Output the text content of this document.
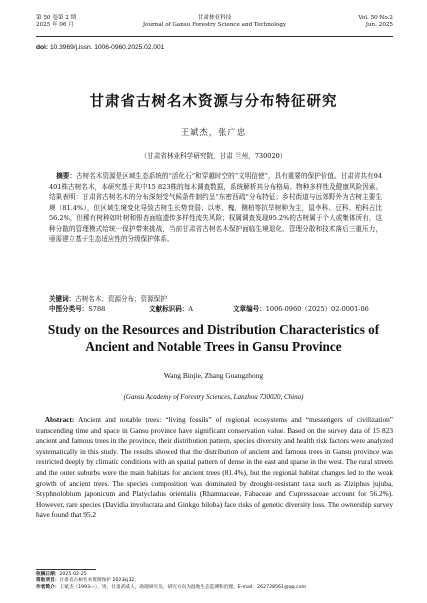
第 50 卷第 2 期
2025 年 06 月
甘肃林业科技
Journal of Gansu Forestry Science and Technology
Vol. 50 No.2
Jun. 2025
doi: 10.3969/j.issn. 1006-0960.2025.02.001
甘肃省古树名木资源与分布特征研究
王斌杰，张广忠
（甘肃省林业科学研究院，甘肃 兰州，730020）

摘要：古树名木资源是区域生态系统的“活化石”和穿越时空的“文明信使”，具有重要的保护价值。甘肃省共有94 401株古树名木，本研究基于其中15 823株的每木调查数据，系统解析其分布格局、物种多样性及健康风险因素。结果表明：甘肃省古树名木的分布深刻受气候条件制约呈“东密西疏”分布特征；乡村街道与远郊野外为古树主要生境（81.4%），但区域生境变化导致古树生长势衰弱；以枣、槐、侧柏等抗旱树种为主，鼠李科、豆科、柏科占比56.2%，但稀有树种如吐树和银杏面临遗传多样性流失风险；权属调查发现95.2%的古树属于个人或集体所有，这种分散的管理模式给统一保护带来挑战，当前甘肃省古树名木保护面临生境退化、管理分散和技术落后三重压力，亟需建立基于生态适应性的分级保护体系。

关键词：古树名木；资源分布；资源保护
中图分类号：S788	文献标识码：A	文章编号：1006-0960（2025）02-0001-06
Study on the Resources and Distribution Characteristics of Ancient and Notable Trees in Gansu Province
Wang Binjie, Zhang Guangzhong
(Gansu Academy of Forestry Sciences, Lanzhou 730020, China)

Abstract: Ancient and notable trees: “living fossils” of regional ecosystems and “messengers of civilization” transcending time and space in Gansu province have significant conservation value. Based on the survey data of 15 823 ancient and famous trees in the province, their distribution pattern, species diversity and health risk factors were analyzed systematically in this study. The results showed that the distribution of ancient and famous trees in Gansu province was restricted deeply by climatic conditions with an spatial pattern of dense in the east and sparse in the west. The rural streets and the outer suburbs were the main habitats for ancient trees (81.4%), but the regional habitat changes led to the weak growth of ancient trees. The species composition was dominated by drought-resistant taxa such as Ziziphus jujuba, Styphnolobium japonicum and Platycladus orientalis (Rhamnaceae, Fabaceae and Cupressaceae account for 56.2%). However, rare species (Davidia involucrata and Ginkgo biloba) face risks of genetic diversity loss. The ownership survey have found that 95.2

收稿日期：2025-02-25
资助项目：甘肃省古树名木资源保护 2023kj32。
作者简介：王斌杰（1993—），男，甘肃武威人，助理研究员，研究方向为湿地生态监测和治理。E-mail：262728561@qq.com
